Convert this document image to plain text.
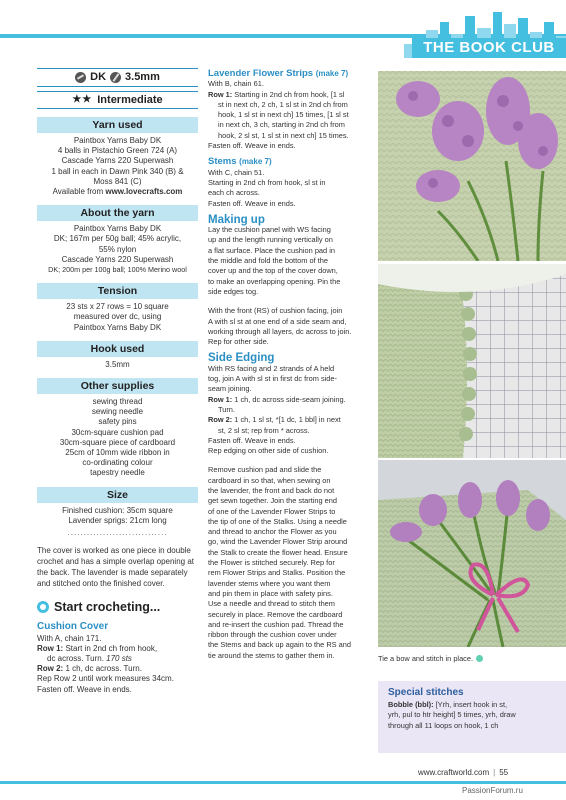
THE BOOK CLUB
DK 3.5mm
★★ Intermediate
Yarn used

Paintbox Yarns Baby DK

4 balls in Pistachio Green 724 (A)

Cascade Yarns 220 Superwash

1 ball in each in Dawn Pink 340 (B) &

Moss 841 (C)

Available from www.lovecrafts.com

About the yarn

Paintbox Yarns Baby DK

DK; 167m per 50g ball; 45% acrylic,

55% nylon

Cascade Yarns 220 Superwash

DK; 200m per 100g ball; 100% Merino wool

Tension

23 sts x 27 rows = 10 square

measured over dc, using

Paintbox Yarns Baby DK

Hook used

3.5mm

Other supplies

sewing thread

sewing needle

safety pins

30cm-square cushion pad

30cm-square piece of cardboard

25cm of 10mm wide ribbon in

co-ordinating colour

tapestry needle

Size

Finished cushion: 35cm square

Lavender sprigs: 21cm long

...............................

The cover is worked as one piece in double crochet and has a simple overlap opening at the back. The lavender is made separately and stitched onto the finished cover.

Start crocheting...
Cushion Cover

With A, chain 171.

Row 1: Start in 2nd ch from hook,

dc across. Turn. 170 sts

Row 2: 1 ch, dc across. Turn.

Rep Row 2 until work measures 34cm.

Fasten off. Weave in ends.

Lavender Flower Strips (make 7)

With B, chain 61.

Row 1: Starting in 2nd ch from hook, [1 sl

st in next ch, 2 ch, 1 sl st in 2nd ch from

hook, 1 sl st in next ch] 15 times, [1 sl st

in next ch, 3 ch, starting in 2nd ch from

hook, 2 sl st, 1 sl st in next ch] 15 times.

Fasten off. Weave in ends.

Stems (make 7)

With C, chain 51.

Starting in 2nd ch from hook, sl st in

each ch across.

Fasten off. Weave in ends.

Making up

Lay the cushion panel with WS facing

up and the length running vertically on

a flat surface. Place the cushion pad in

the middle and fold the bottom of the

cover up and the top of the cover down,

to make an overlapping opening. Pin the

side edges tog.

With the front (RS) of cushion facing, join

A with sl st at one end of a side seam and,

working through all layers, dc across to join.

Rep for other side.

Side Edging

With RS facing and 2 strands of A held

tog, join A with sl st in first dc from side-

seam joining.

Row 1: 1 ch, dc across side-seam joining.

Turn.

Row 2: 1 ch, 1 sl st, *[1 dc, 1 bbl] in next

st, 2 sl st; rep from * across.

Fasten off. Weave in ends.

Rep edging on other side of cushion.

Remove cushion pad and slide the

cardboard in so that, when sewing on

the lavender, the front and back do not

get sewn together. Join the starting end

of one of the Lavender Flower Strips to

the tip of one of the Stalks. Using a needle

and thread to anchor the Flower as you

go, wind the Lavender Flower Strip around

the Stalk to create the flower head. Ensure

the Flower is stitched securely. Rep for

rem Flower Strips and Stalks. Position the

lavender stems where you want them

and pin them in place with safety pins.

Use a needle and thread to stitch them

securely in place. Remove the cardboard

and re-insert the cushion pad. Thread the

ribbon through the cushion cover under

the Stems and back up again to the RS and

tie around the stems to gather them in.	Tie a bow and stitch in place.
Special stitches

Bobble (bbl): [Yrh, insert hook in st,

yrh, pul to htr height] 5 times, yrh, draw

through all 11 loops on hook, 1 ch

www.craftworld.com | 55
PassionForum.ru
